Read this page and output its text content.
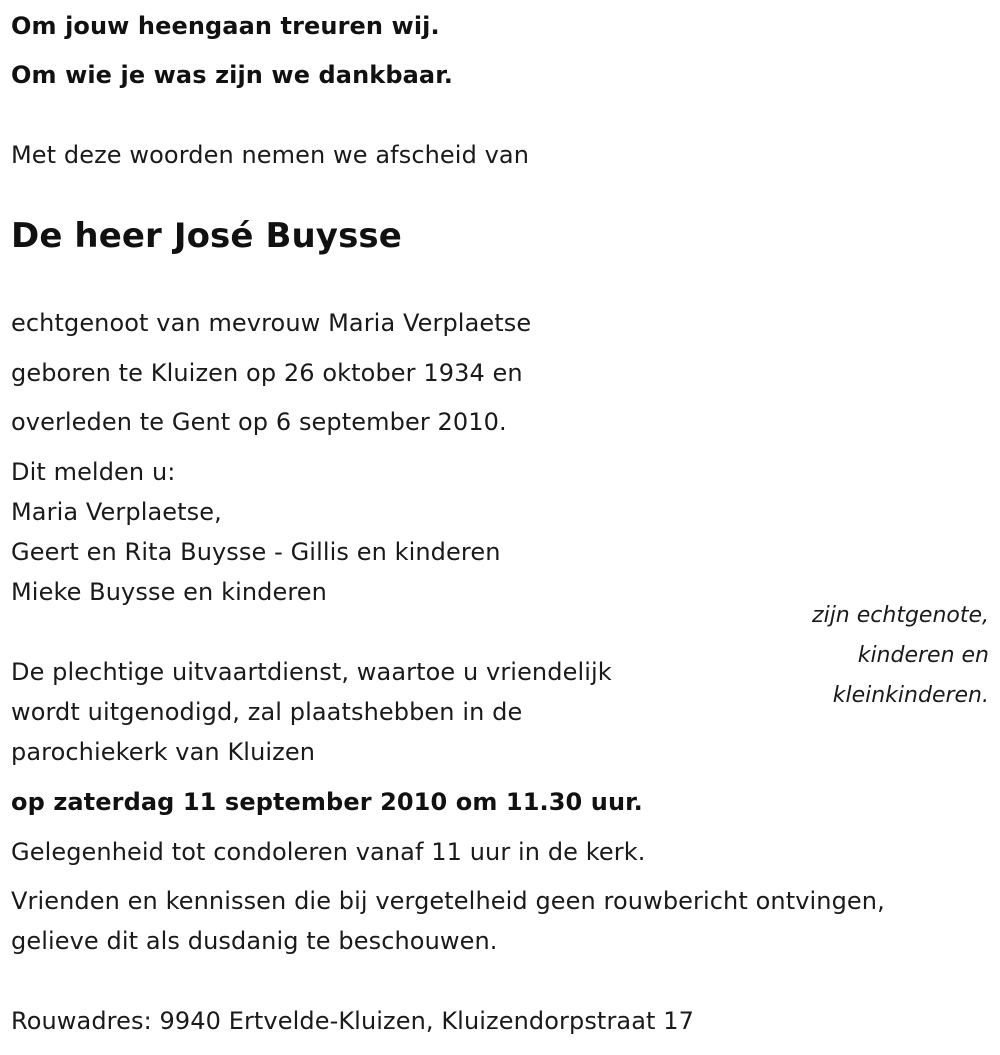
Om jouw heengaan treuren wij.

Om wie je was zijn we dankbaar.

Met deze woorden nemen we afscheid van

De heer José Buysse

echtgenoot van mevrouw Maria Verplaetse

geboren te Kluizen op 26 oktober 1934 en

overleden te Gent op 6 september 2010.

Dit melden u:

Maria Verplaetse,

Geert en Rita Buysse - Gillis en kinderen

Mieke Buysse en kinderen

zijn echtgenote,
kinderen en
kleinkinderen.

De plechtige uitvaartdienst, waartoe u vriendelijk

wordt uitgenodigd, zal plaatshebben in de

parochiekerk van Kluizen

op zaterdag 11 september 2010 om 11.30 uur.

Gelegenheid tot condoleren vanaf 11 uur in de kerk.

Vrienden en kennissen die bij vergetelheid geen rouwbericht ontvingen,

gelieve dit als dusdanig te beschouwen.

Rouwadres: 9940 Ertvelde-Kluizen, Kluizendorpstraat 17
